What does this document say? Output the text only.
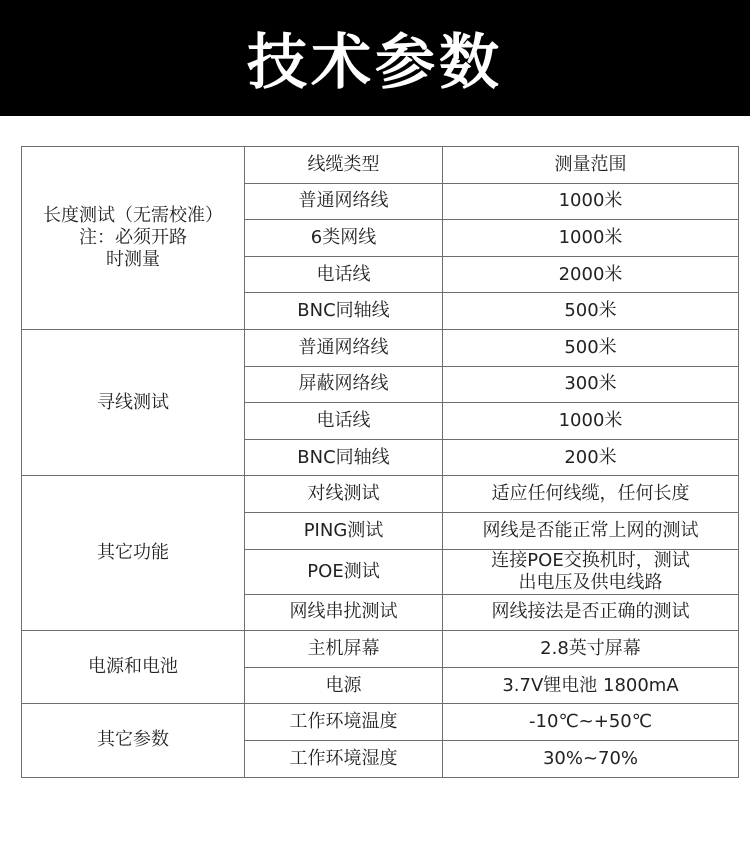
技术参数
长度测试（无需校准）
注：必须开路
时测量	线缆类型	测量范围
	普通网络线	1000米
	6类网线	1000米
	电话线	2000米
	BNC同轴线	500米
寻线测试	普通网络线	500米
	屏蔽网络线	300米
	电话线	1000米
	BNC同轴线	200米
其它功能	对线测试	适应任何线缆，任何长度
	PING测试	网线是否能正常上网的测试
	POE测试	连接POE交换机时，测试
出电压及供电线路

	网线串扰测试	网线接法是否正确的测试
电源和电池	主机屏幕	2.8英寸屏幕
	电源	3.7V锂电池 1800mA
其它参数	工作环境温度	-10℃~+50℃
	工作环境湿度	30%~70%
